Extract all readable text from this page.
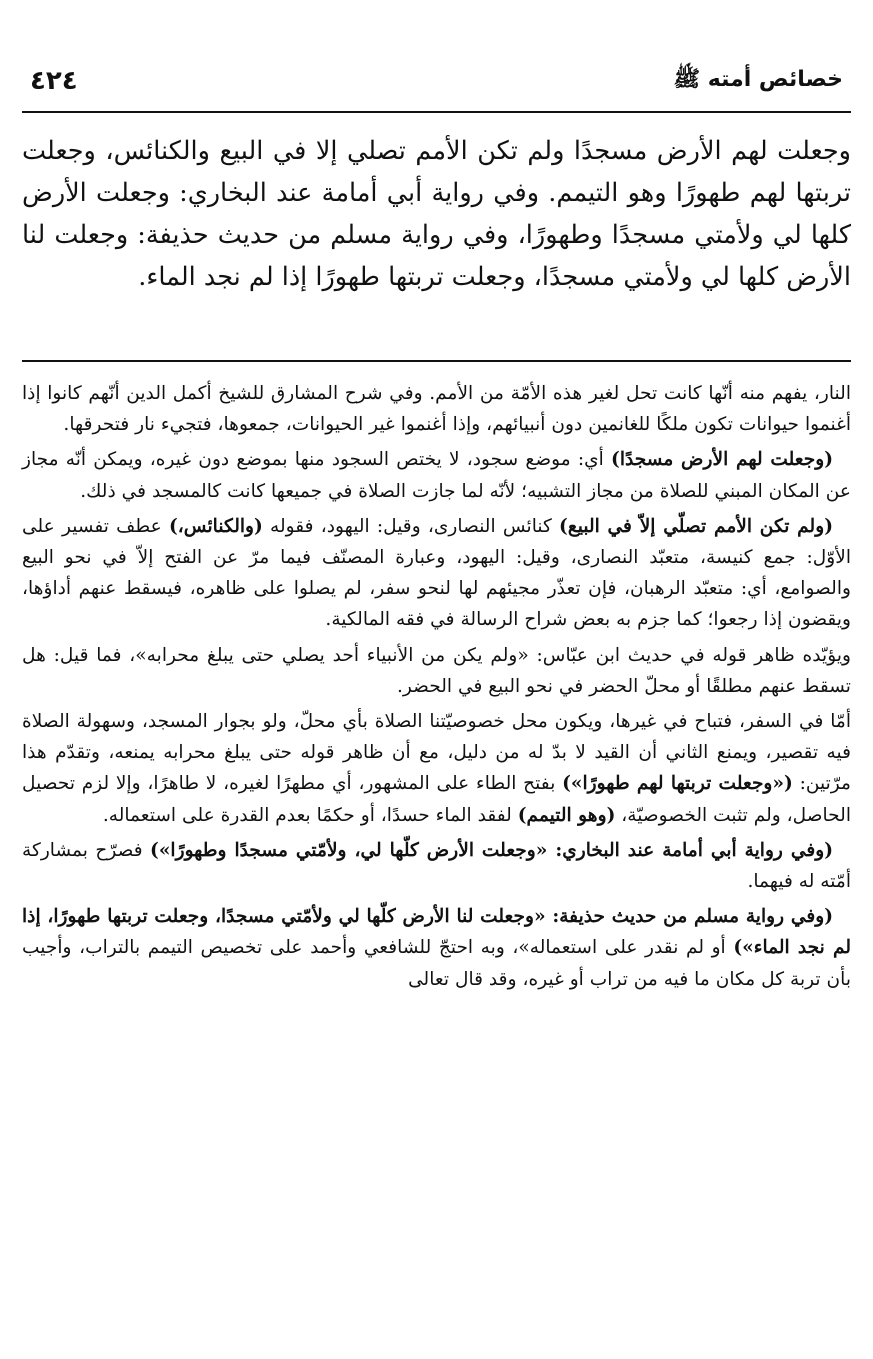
خصائص أمته ﷺ
٤٢٤

وجعلت لهم الأرض مسجدًا ولم تكن الأمم تصلي إلا في البيع والكنائس، وجعلت تربتها لهم طهورًا وهو التيمم. وفي رواية أبي أمامة عند البخاري: وجعلت الأرض كلها لي ولأمتي مسجدًا وطهورًا، وفي رواية مسلم من حديث حذيفة: وجعلت لنا الأرض كلها لي ولأمتي مسجدًا، وجعلت تربتها طهورًا إذا لم نجد الماء.

النار، يفهم منه أنّها كانت تحل لغير هذه الأمّة من الأمم. وفي شرح المشارق للشيخ أكمل الدين أنّهم كانوا إذا أغنموا حيوانات تكون ملكًا للغانمين دون أنبيائهم، وإذا أغنموا غير الحيوانات، جمعوها، فتجيء نار فتحرقها.

(وجعلت لهم الأرض مسجدًا) أي: موضع سجود، لا يختص السجود منها بموضع دون غيره، ويمكن أنّه مجاز عن المكان المبني للصلاة من مجاز التشبيه؛ لأنّه لما جازت الصلاة في جميعها كانت كالمسجد في ذلك.

(ولم تكن الأمم تصلّي إلاّ في البيع) كنائس النصارى، وقيل: اليهود، فقوله (والكنائس،) عطف تفسير على الأوّل: جمع كنيسة، متعبّد النصارى، وقيل: اليهود، وعبارة المصنّف فيما مرّ عن الفتح إلاّ في نحو البيع والصوامع، أي: متعبّد الرهبان، فإن تعذّر مجيئهم لها لنحو سفر، لم يصلوا على ظاهره، فيسقط عنهم أداؤها، ويقضون إذا رجعوا؛ كما جزم به بعض شراح الرسالة في فقه المالكية.

ويؤيّده ظاهر قوله في حديث ابن عبّاس: «ولم يكن من الأنبياء أحد يصلي حتى يبلغ محرابه»، فما قيل: هل تسقط عنهم مطلقًا أو محلّ الحضر في نحو البيع في الحضر.

أمّا في السفر، فتباح في غيرها، ويكون محل خصوصيّتنا الصلاة بأي محلّ، ولو بجوار المسجد، وسهولة الصلاة فيه تقصير، ويمنع الثاني أن القيد لا بدّ له من دليل، مع أن ظاهر قوله حتى يبلغ محرابه يمنعه، وتقدّم هذا مرّتين: («وجعلت تربتها لهم طهورًا») بفتح الطاء على المشهور، أي مطهرًا لغيره، لا طاهرًا، وإلا لزم تحصيل الحاصل، ولم تثبت الخصوصيّة، (وهو التيمم) لفقد الماء حسدًا، أو حكمًا بعدم القدرة على استعماله.

(وفي رواية أبي أمامة عند البخاري: «وجعلت الأرض كلّها لي، ولأمّتي مسجدًا وطهورًا») فصرّح بمشاركة أمّته له فيهما.

(وفي رواية مسلم من حديث حذيفة: «وجعلت لنا الأرض كلّها لي ولأمّتي مسجدًا، وجعلت تربتها طهورًا، إذا لم نجد الماء») أو لم نقدر على استعماله»، وبه احتجّ للشافعي وأحمد على تخصيص التيمم بالتراب، وأجيب بأن تربة كل مكان ما فيه من تراب أو غيره، وقد قال تعالى
